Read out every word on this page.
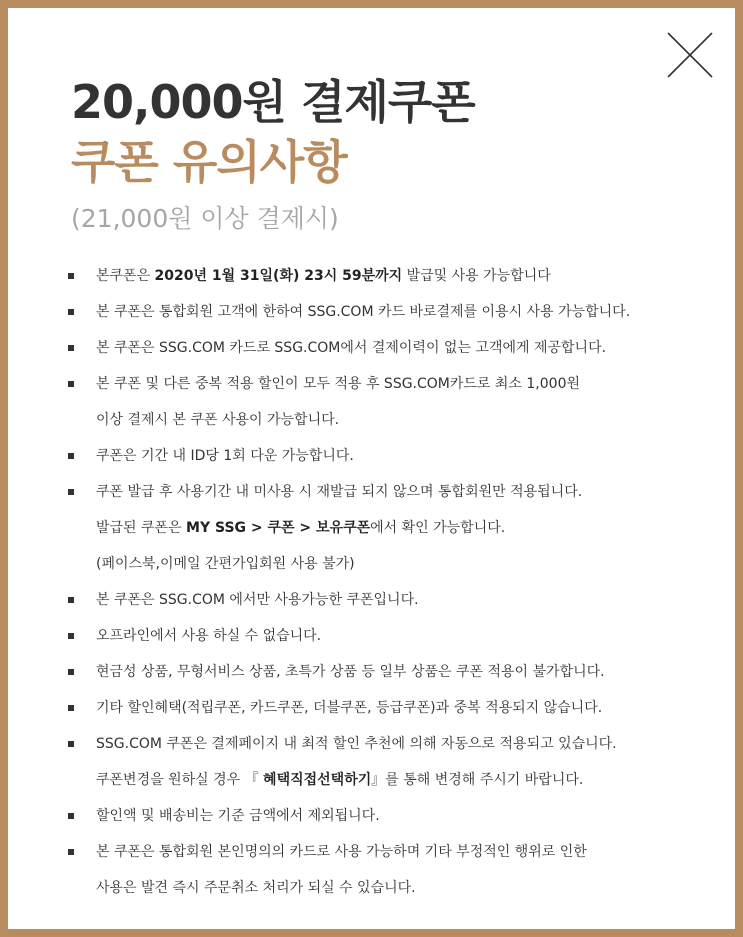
20,000원 결제쿠폰
쿠폰 유의사항

(21,000원 이상 결제시)

본쿠폰은 2020년 1월 31일(화) 23시 59분까지 발급및 사용 가능합니다
본 쿠폰은 통합회원 고객에 한하여 SSG.COM 카드 바로결제를 이용시 사용 가능합니다.
본 쿠폰은 SSG.COM 카드로 SSG.COM에서 결제이력이 없는 고객에게 제공합니다.
본 쿠폰 및 다른 중복 적용 할인이 모두 적용 후 SSG.COM카드로 최소 1,000원
이상 결제시 본 쿠폰 사용이 가능합니다.
쿠폰은 기간 내 ID당 1회 다운 가능합니다.
쿠폰 발급 후 사용기간 내 미사용 시 재발급 되지 않으며 통합회원만 적용됩니다.
발급된 쿠폰은 MY SSG > 쿠폰 > 보유쿠폰에서 확인 가능합니다.
(페이스북,이메일 간편가입회원 사용 불가)
본 쿠폰은 SSG.COM 에서만 사용가능한 쿠폰입니다.
오프라인에서 사용 하실 수 없습니다.
현금성 상품, 무형서비스 상품, 초특가 상품 등 일부 상품은 쿠폰 적용이 불가합니다.
기타 할인혜택(적립쿠폰, 카드쿠폰, 더블쿠폰, 등급쿠폰)과 중복 적용되지 않습니다.
SSG.COM 쿠폰은 결제페이지 내 최적 할인 추천에 의해 자동으로 적용되고 있습니다.
쿠폰변경을 원하실 경우 『 혜택직접선택하기』를 통해 변경해 주시기 바랍니다.
할인액 및 배송비는 기준 금액에서 제외됩니다.
본 쿠폰은 통합회원 본인명의의 카드로 사용 가능하며 기타 부정적인 행위로 인한
사용은 발견 즉시 주문취소 처리가 되실 수 있습니다.
